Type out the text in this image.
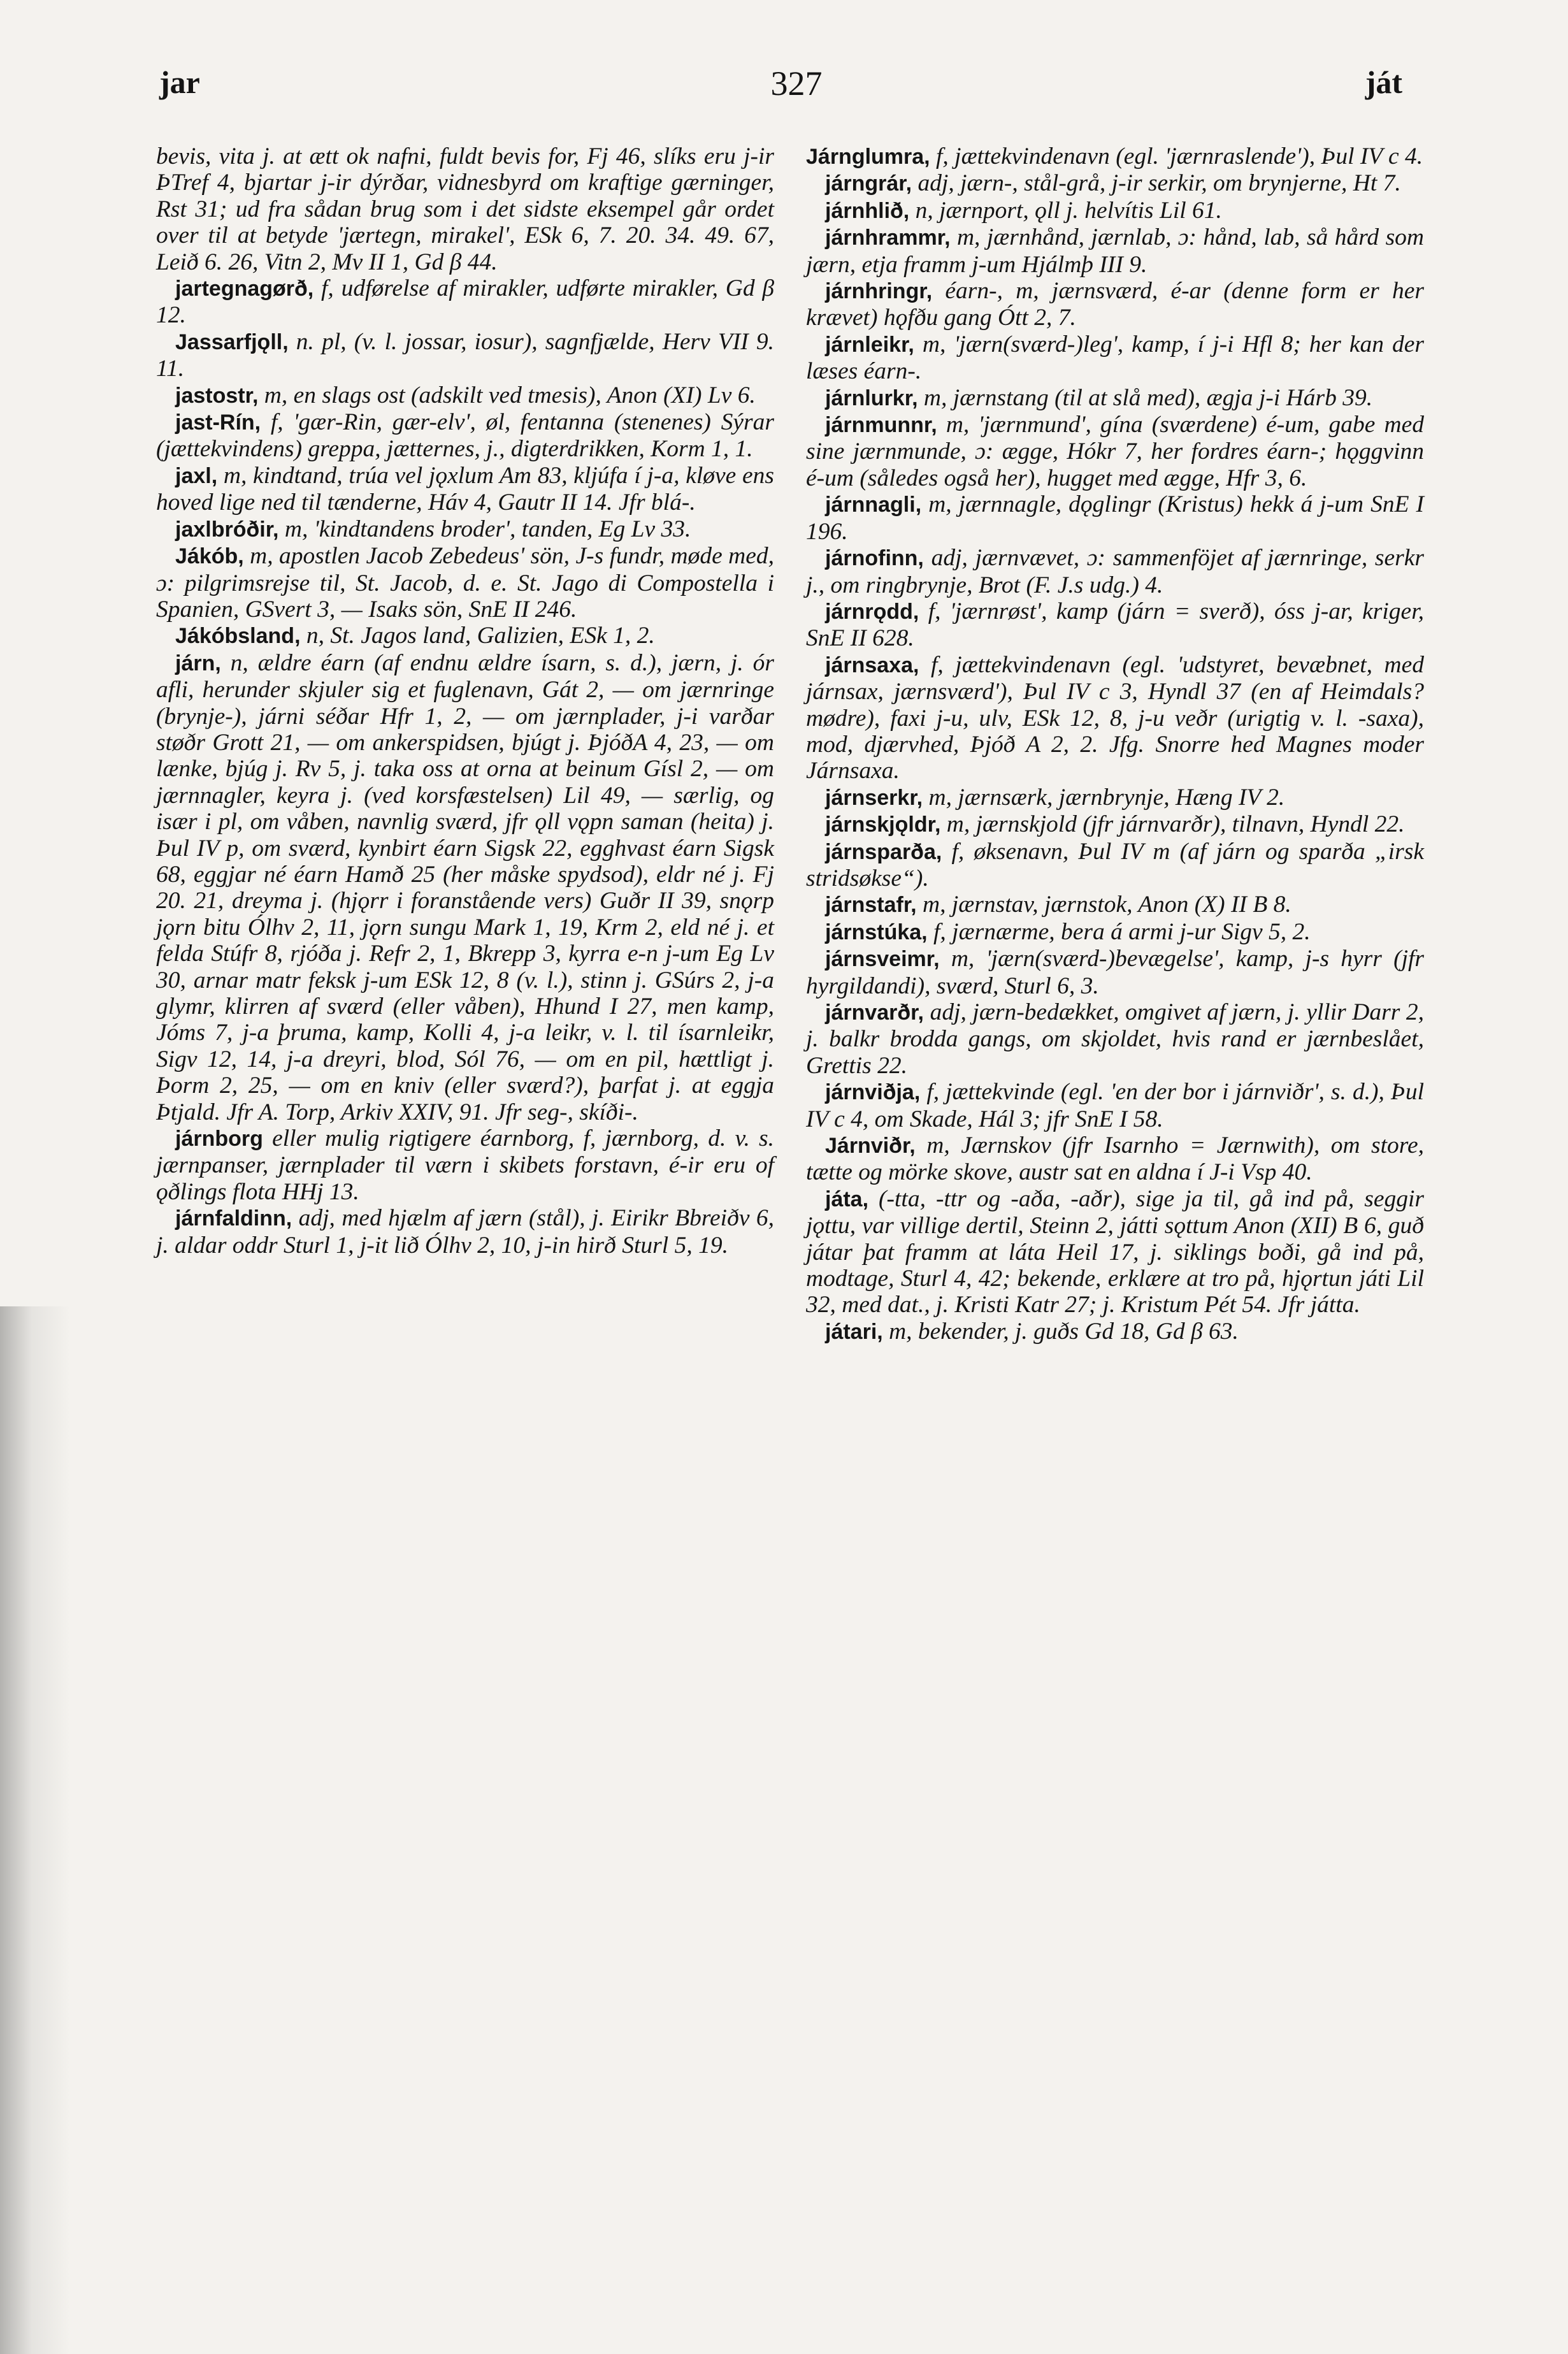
jar	327	ját

bevis, vita j. at ætt ok nafni, fuldt bevis for, Fj 46, slíks eru j-ir ÞTref 4, bjartar j-ir dýrðar, vidnesbyrd om kraftige gærninger, Rst 31; ud fra sådan brug som i det sidste eksempel går ordet over til at betyde 'jærtegn, mirakel', ESk 6, 7. 20. 34. 49. 67, Leið 6. 26, Vitn 2, Mv II 1, Gd β 44.

jartegnagørð, f, udførelse af mirakler, udførte mirakler, Gd β 12.

Jassarfjǫll, n. pl, (v. l. jossar, iosur), sagnfjælde, Herv VII 9. 11.

jastostr, m, en slags ost (adskilt ved tmesis), Anon (XI) Lv 6.

jast-Rín, f, 'gær-Rin, gær-elv', øl, fentanna (stenenes) Sýrar (jættekvindens) greppa, jætternes, j., digterdrikken, Korm 1, 1.

jaxl, m, kindtand, trúa vel jǫxlum Am 83, kljúfa í j-a, kløve ens hoved lige ned til tænderne, Háv 4, Gautr II 14. Jfr blá-.

jaxlbróðir, m, 'kindtandens broder', tanden, Eg Lv 33.

Jákób, m, apostlen Jacob Zebedeus' sön, J-s fundr, møde med, ɔ: pilgrimsrejse til, St. Jacob, d. e. St. Jago di Compostella i Spanien, GSvert 3, — Isaks sön, SnE II 246.

Jákóbsland, n, St. Jagos land, Galizien, ESk 1, 2.

járn, n, ældre éarn (af endnu ældre ísarn, s. d.), jærn, j. ór afli, herunder skjuler sig et fuglenavn, Gát 2, — om jærnringe (brynje-), járni séðar Hfr 1, 2, — om jærnplader, j-i varðar støðr Grott 21, — om ankerspidsen, bjúgt j. ÞjóðA 4, 23, — om lænke, bjúg j. Rv 5, j. taka oss at orna at beinum Gísl 2, — om jærnnagler, keyra j. (ved korsfæstelsen) Lil 49, — særlig, og især i pl, om våben, navnlig sværd, jfr ǫll vǫpn saman (heita) j. Þul IV p, om sværd, kynbirt éarn Sigsk 22, egghvast éarn Sigsk 68, eggjar né éarn Hamð 25 (her måske spydsod), eldr né j. Fj 20. 21, dreyma j. (hjǫrr i foranstående vers) Guðr II 39, snǫrp jǫrn bitu Ólhv 2, 11, jǫrn sungu Mark 1, 19, Krm 2, eld né j. et felda Stúfr 8, rjóða j. Refr 2, 1, Bkrepp 3, kyrra e-n j-um Eg Lv 30, arnar matr feksk j-um ESk 12, 8 (v. l.), stinn j. GSúrs 2, j-a glymr, klirren af sværd (eller våben), Hhund I 27, men kamp, Jóms 7, j-a þruma, kamp, Kolli 4, j-a leikr, v. l. til ísarnleikr, Sigv 12, 14, j-a dreyri, blod, Sól 76, — om en pil, hættligt j. Þorm 2, 25, — om en kniv (eller sværd?), þarfat j. at eggja Þtjald. Jfr A. Torp, Arkiv XXIV, 91. Jfr seg-, skíði-.

járnborg eller mulig rigtigere éarnborg, f, jærnborg, d. v. s. jærnpanser, jærnplader til værn i skibets forstavn, é-ir eru of ǫðlings flota HHj 13.

járnfaldinn, adj, med hjælm af jærn (stål), j. Eirikr Bbreiðv 6, j. aldar oddr Sturl 1, j-it lið Ólhv 2, 10, j-in hirð Sturl 5, 19.

Járnglumra, f, jættekvindenavn (egl. 'jærnraslende'), Þul IV c 4.

járngrár, adj, jærn-, stål-grå, j-ir serkir, om brynjerne, Ht 7.

járnhlið, n, jærnport, ǫll j. helvítis Lil 61.

járnhrammr, m, jærnhånd, jærnlab, ɔ: hånd, lab, så hård som jærn, etja framm j-um Hjálmþ III 9.

járnhringr, éarn-, m, jærnsværd, é-ar (denne form er her krævet) hǫfðu gang Ótt 2, 7.

járnleikr, m, 'jærn(sværd-)leg', kamp, í j-i Hfl 8; her kan der læses éarn-.

járnlurkr, m, jærnstang (til at slå med), ægja j-i Hárb 39.

járnmunnr, m, 'jærnmund', gína (sværdene) é-um, gabe med sine jærnmunde, ɔ: ægge, Hókr 7, her fordres éarn-; hǫggvinn é-um (således også her), hugget med ægge, Hfr 3, 6.

járnnagli, m, jærnnagle, dǫglingr (Kristus) hekk á j-um SnE I 196.

járnofinn, adj, jærnvævet, ɔ: sammenföjet af jærnringe, serkr j., om ringbrynje, Brot (F. J.s udg.) 4.

járnrǫdd, f, 'jærnrøst', kamp (járn = sverð), óss j-ar, kriger, SnE II 628.

járnsaxa, f, jættekvindenavn (egl. 'udstyret, bevæbnet, med járnsax, jærnsværd'), Þul IV c 3, Hyndl 37 (en af Heimdals? mødre), faxi j-u, ulv, ESk 12, 8, j-u veðr (urigtig v. l. -saxa), mod, djærvhed, Þjóð A 2, 2. Jfg. Snorre hed Magnes moder Járnsaxa.

járnserkr, m, jærnsærk, jærnbrynje, Hæng IV 2.

járnskjǫldr, m, jærnskjold (jfr járnvarðr), tilnavn, Hyndl 22.

járnsparða, f, øksenavn, Þul IV m (af járn og sparða „irsk stridsøkse“).

járnstafr, m, jærnstav, jærnstok, Anon (X) II B 8.

járnstúka, f, jærnærme, bera á armi j-ur Sigv 5, 2.

járnsveimr, m, 'jærn(sværd-)bevægelse', kamp, j-s hyrr (jfr hyrgildandi), sværd, Sturl 6, 3.

járnvarðr, adj, jærn-bedækket, omgivet af jærn, j. yllir Darr 2, j. balkr brodda gangs, om skjoldet, hvis rand er jærnbeslået, Grettis 22.

járnviðja, f, jættekvinde (egl. 'en der bor i járnviðr', s. d.), Þul IV c 4, om Skade, Hál 3; jfr SnE I 58.

Járnviðr, m, Jærnskov (jfr Isarnho = Jærnwith), om store, tætte og mörke skove, austr sat en aldna í J-i Vsp 40.

játa, (-tta, -ttr og -aða, -aðr), sige ja til, gå ind på, seggir jǫttu, var villige dertil, Steinn 2, játti sǫttum Anon (XII) B 6, guð játar þat framm at láta Heil 17, j. siklings boði, gå ind på, modtage, Sturl 4, 42; bekende, erklære at tro på, hjǫrtun játi Lil 32, med dat., j. Kristi Katr 27; j. Kristum Pét 54. Jfr játta.

játari, m, bekender, j. guðs Gd 18, Gd β 63.
